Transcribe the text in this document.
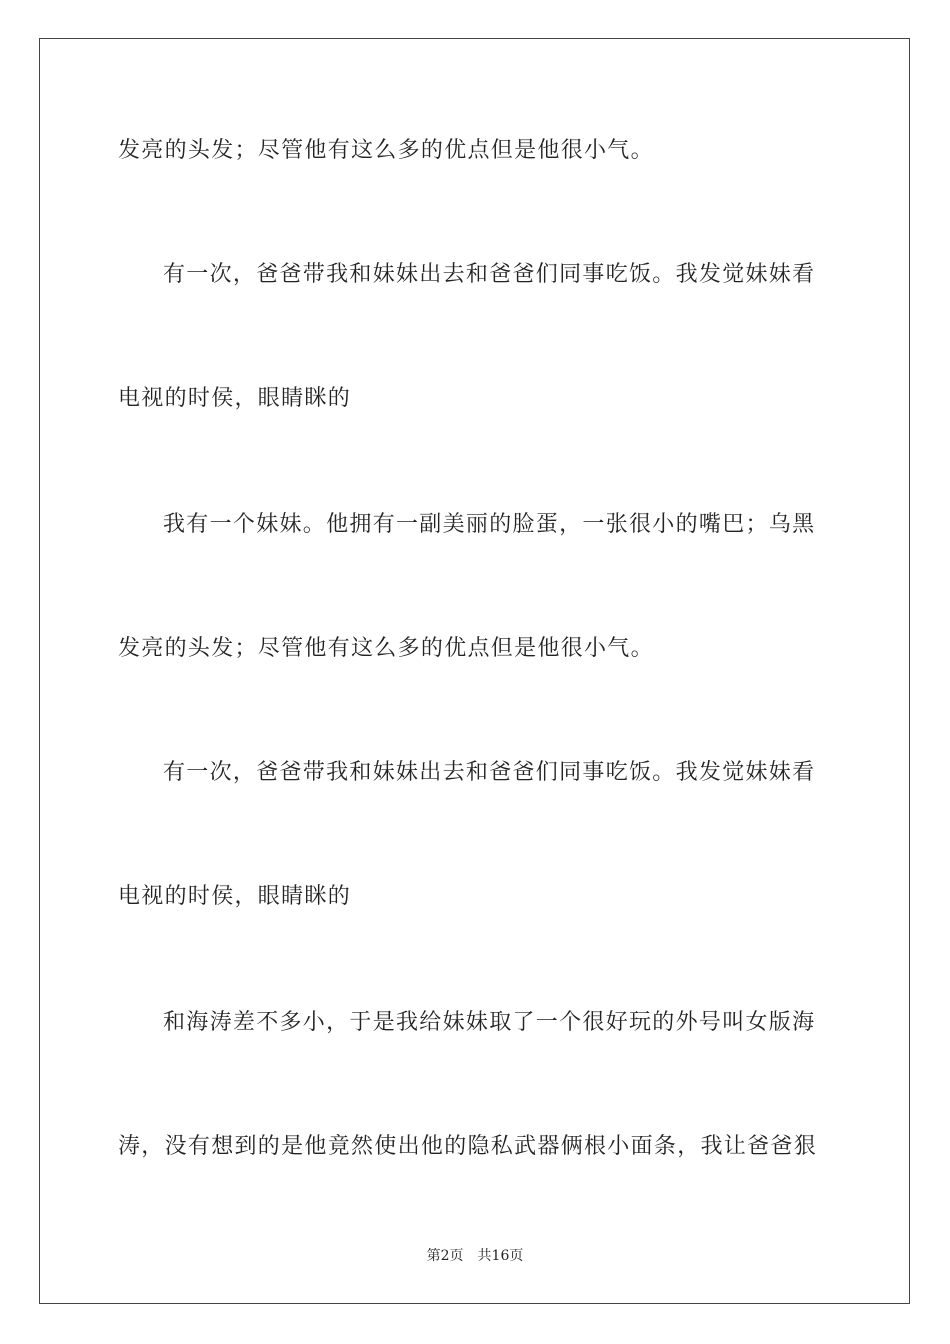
发亮的头发；尽管他有这么多的优点但是他很小气。
有一次，爸爸带我和妹妹出去和爸爸们同事吃饭。我发觉妹妹看
电视的时侯，眼睛眯的
我有一个妹妹。他拥有一副美丽的脸蛋，一张很小的嘴巴；乌黑
发亮的头发；尽管他有这么多的优点但是他很小气。
有一次，爸爸带我和妹妹出去和爸爸们同事吃饭。我发觉妹妹看
电视的时侯，眼睛眯的
和海涛差不多小，于是我给妹妹取了一个很好玩的外号叫女版海
涛，没有想到的是他竟然使出他的隐私武器俩根小面条，我让爸爸狠
第2页 共16页
